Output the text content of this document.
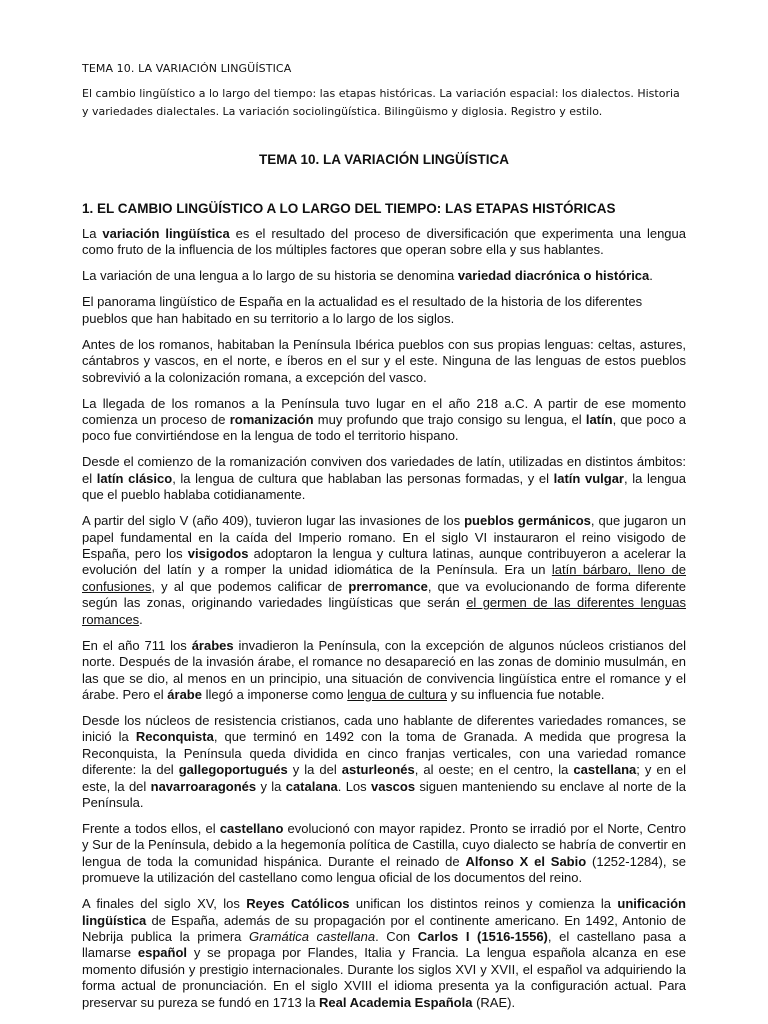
TEMA 10. LA VARIACIÓN LINGÜÍSTICA
El cambio lingüístico a lo largo del tiempo: las etapas históricas. La variación espacial: los dialectos. Historia y variedades dialectales. La variación sociolingüística. Bilingüismo y diglosia. Registro y estilo.
TEMA 10. LA VARIACIÓN LINGÜÍSTICA
1. EL CAMBIO LINGÜÍSTICO A LO LARGO DEL TIEMPO: LAS ETAPAS HISTÓRICAS

La variación lingüística es el resultado del proceso de diversificación que experimenta una lengua como fruto de la influencia de los múltiples factores que operan sobre ella y sus hablantes.

La variación de una lengua a lo largo de su historia se denomina variedad diacrónica o histórica.

El panorama lingüístico de España en la actualidad es el resultado de la historia de los diferentes pueblos que han habitado en su territorio a lo largo de los siglos.

Antes de los romanos, habitaban la Península Ibérica pueblos con sus propias lenguas: celtas, astures, cántabros y vascos, en el norte, e íberos en el sur y el este. Ninguna de las lenguas de estos pueblos sobrevivió a la colonización romana, a excepción del vasco.

La llegada de los romanos a la Península tuvo lugar en el año 218 a.C. A partir de ese momento comienza un proceso de romanización muy profundo que trajo consigo su lengua, el latín, que poco a poco fue convirtiéndose en la lengua de todo el territorio hispano.

Desde el comienzo de la romanización conviven dos variedades de latín, utilizadas en distintos ámbitos: el latín clásico, la lengua de cultura que hablaban las personas formadas, y el latín vulgar, la lengua que el pueblo hablaba cotidianamente.

A partir del siglo V (año 409), tuvieron lugar las invasiones de los pueblos germánicos, que jugaron un papel fundamental en la caída del Imperio romano. En el siglo VI instauraron el reino visigodo de España, pero los visigodos adoptaron la lengua y cultura latinas, aunque contribuyeron a acelerar la evolución del latín y a romper la unidad idiomática de la Península. Era un latín bárbaro, lleno de confusiones, y al que podemos calificar de prerromance, que va evolucionando de forma diferente según las zonas, originando variedades lingüísticas que serán el germen de las diferentes lenguas romances.

En el año 711 los árabes invadieron la Península, con la excepción de algunos núcleos cristianos del norte. Después de la invasión árabe, el romance no desapareció en las zonas de dominio musulmán, en las que se dio, al menos en un principio, una situación de convivencia lingüística entre el romance y el árabe. Pero el árabe llegó a imponerse como lengua de cultura y su influencia fue notable.

Desde los núcleos de resistencia cristianos, cada uno hablante de diferentes variedades romances, se inició la Reconquista, que terminó en 1492 con la toma de Granada. A medida que progresa la Reconquista, la Península queda dividida en cinco franjas verticales, con una variedad romance diferente: la del gallegoportugués y la del asturleonés, al oeste; en el centro, la castellana; y en el este, la del navarroaragonés y la catalana. Los vascos siguen manteniendo su enclave al norte de la Península.

Frente a todos ellos, el castellano evolucionó con mayor rapidez. Pronto se irradió por el Norte, Centro y Sur de la Península, debido a la hegemonía política de Castilla, cuyo dialecto se habría de convertir en lengua de toda la comunidad hispánica. Durante el reinado de Alfonso X el Sabio (1252-1284), se promueve la utilización del castellano como lengua oficial de los documentos del reino.

A finales del siglo XV, los Reyes Católicos unifican los distintos reinos y comienza la unificación lingüística de España, además de su propagación por el continente americano. En 1492, Antonio de Nebrija publica la primera Gramática castellana. Con Carlos I (1516-1556), el castellano pasa a llamarse español y se propaga por Flandes, Italia y Francia. La lengua española alcanza en ese momento difusión y prestigio internacionales. Durante los siglos XVI y XVII, el español va adquiriendo la forma actual de pronunciación. En el siglo XVIII el idioma presenta ya la configuración actual. Para preservar su pureza se fundó en 1713 la Real Academia Española (RAE).
